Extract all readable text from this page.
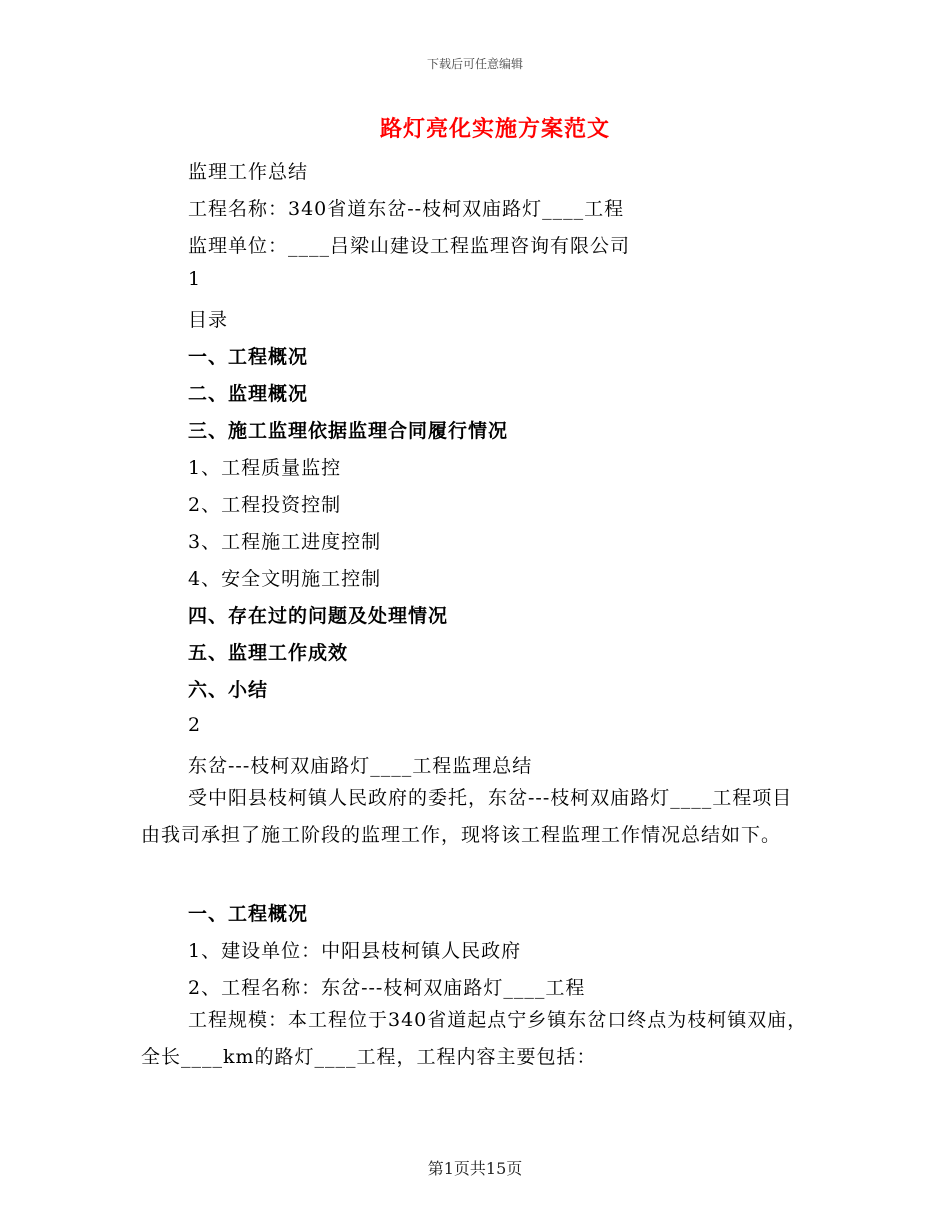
下载后可任意编辑
路灯亮化实施方案范文
监理工作总结
工程名称：340省道东岔--枝柯双庙路灯____工程
监理单位：____吕梁山建设工程监理咨询有限公司
1
目录
一、工程概况
二、监理概况
三、施工监理依据监理合同履行情况
1、工程质量监控
2、工程投资控制
3、工程施工进度控制
4、安全文明施工控制
四、存在过的问题及处理情况
五、监理工作成效
六、小结
2
东岔---枝柯双庙路灯____工程监理总结
受中阳县枝柯镇人民政府的委托，东岔---枝柯双庙路灯____工程项目由我司承担了施工阶段的监理工作，现将该工程监理工作情况总结如下。
一、工程概况
1、建设单位：中阳县枝柯镇人民政府
2、工程名称：东岔---枝柯双庙路灯____工程
工程规模：本工程位于340省道起点宁乡镇东岔口终点为枝柯镇双庙，全长____km的路灯____工程，工程内容主要包括：
第1页共15页
